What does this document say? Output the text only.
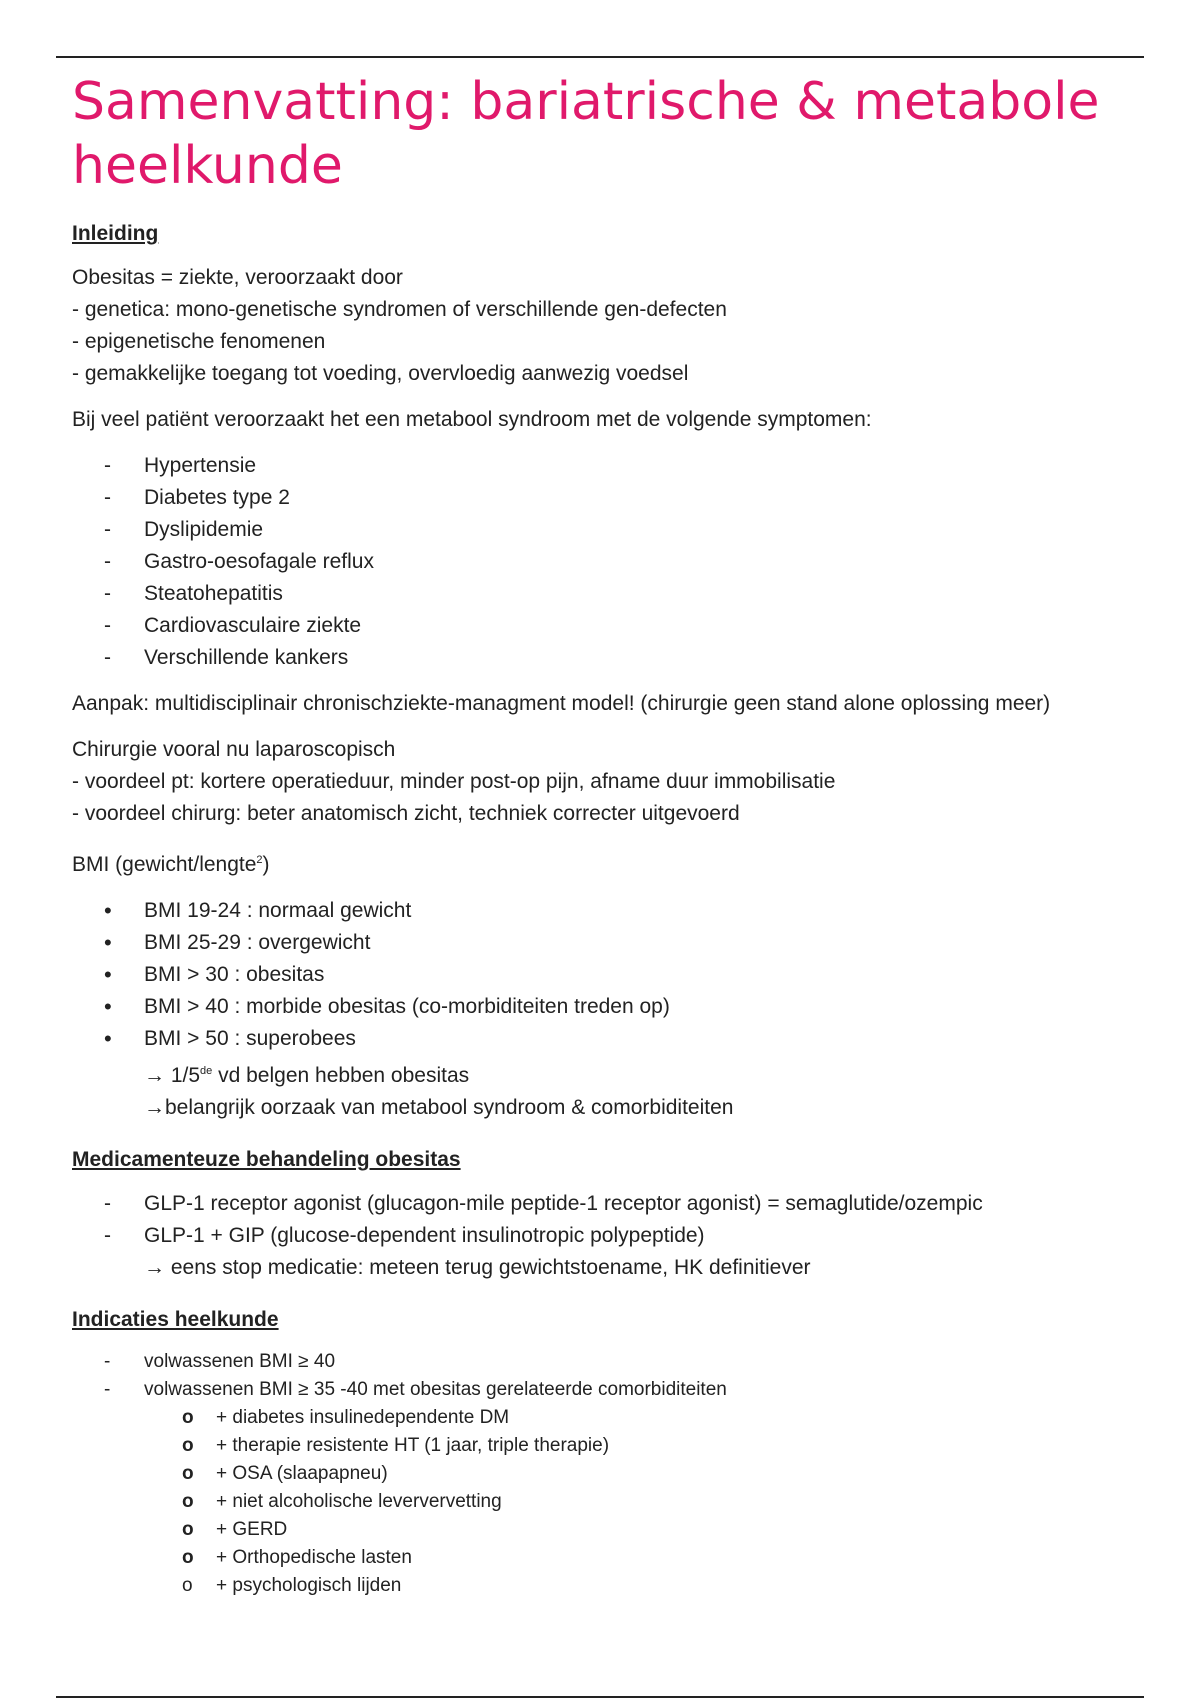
Samenvatting: bariatrische & metabole heelkunde
Inleiding

Obesitas = ziekte, veroorzaakt door

- genetica: mono-genetische syndromen of verschillende gen-defecten

- epigenetische fenomenen

- gemakkelijke toegang tot voeding, overvloedig aanwezig voedsel

Bij veel patiënt veroorzaakt het een metabool syndroom met de volgende symptomen:

- Hypertensie
- Diabetes type 2
- Dyslipidemie
- Gastro-oesofagale reflux
- Steatohepatitis
- Cardiovasculaire ziekte
- Verschillende kankers

Aanpak: multidisciplinair chronischziekte-managment model! (chirurgie geen stand alone oplossing meer)

Chirurgie vooral nu laparoscopisch

- voordeel pt: kortere operatieduur, minder post-op pijn, afname duur immobilisatie

- voordeel chirurg: beter anatomisch zicht, techniek correcter uitgevoerd

BMI (gewicht/lengte$^2$)

• BMI 19-24 : normaal gewicht
• BMI 25-29 : overgewicht
• BMI > 30 : obesitas
• BMI > 40 : morbide obesitas (co-morbiditeiten treden op)
• BMI > 50 : superobees
→ 1/5de vd belgen hebben obesitas
→belangrijk oorzaak van metabool syndroom & comorbiditeiten
Medicamenteuze behandeling obesitas
- GLP-1 receptor agonist (glucagon-mile peptide-1 receptor agonist) = semaglutide/ozempic
- GLP-1 + GIP (glucose-dependent insulinotropic polypeptide)
→ eens stop medicatie: meteen terug gewichtstoename, HK definitiever
Indicaties heelkunde
- volwassenen BMI ≥ 40
- volwassenen BMI ≥ 35 -40 met obesitas gerelateerde comorbiditeiten
o + diabetes insulinedependente DM
o + therapie resistente HT (1 jaar, triple therapie)
o + OSA (slaapapneu)
o + niet alcoholische leververvetting
o + GERD
o + Orthopedische lasten
o + psychologisch lijden
